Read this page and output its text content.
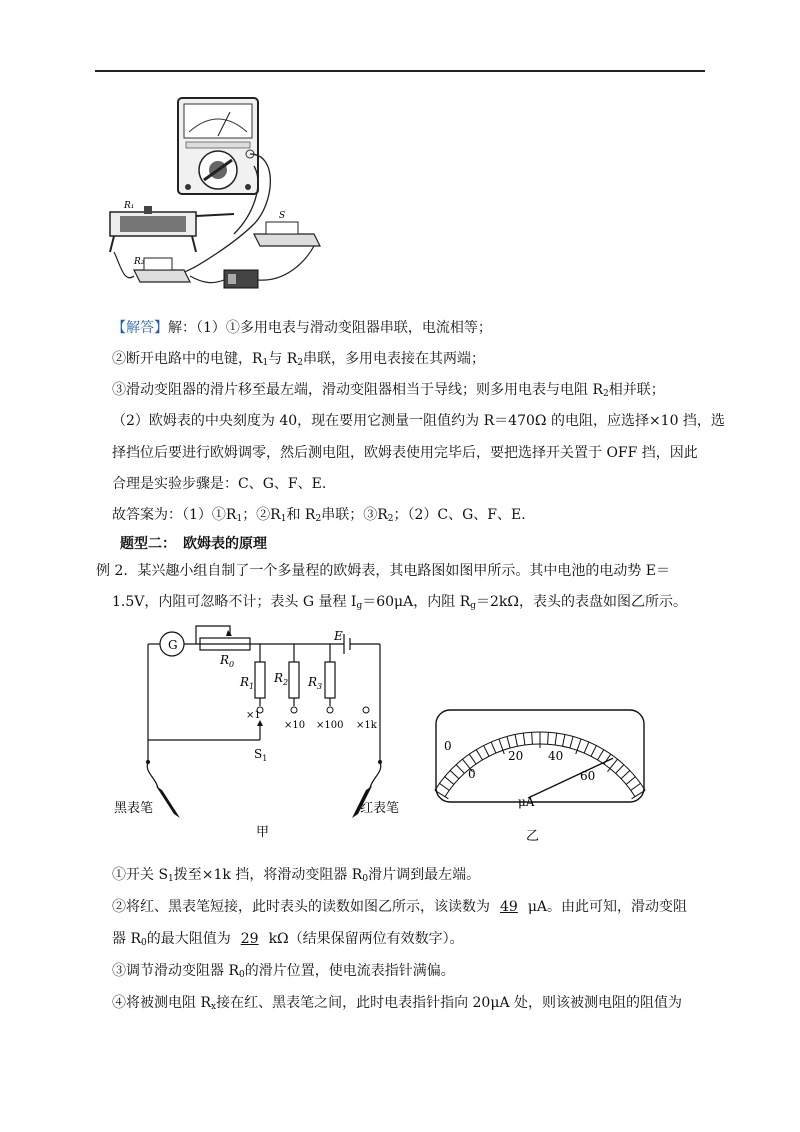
R₁
S
R₂
【解答】解：（1）①多用电表与滑动变阻器串联，电流相等；
②断开电路中的电键，$R_1$与 $R_2$串联，多用电表接在其两端；
③滑动变阻器的滑片移至最左端，滑动变阻器相当于导线；则多用电表与电阻 $R_2$相并联；
（2）欧姆表的中央刻度为 40，现在要用它测量一阻值约为 R＝470Ω 的电阻，应选择×10 挡，选
择挡位后要进行欧姆调零，然后测电阻，欧姆表使用完毕后，要把选择开关置于 OFF 挡，因此
合理是实验步骤是：C、G、F、E.
故答案为：$(1)①R_1$；$②R_1$和 $R_2$串联；$③R_2$；（2）C、G、F、E.
题型二：　欧姆表的原理
例 2．某兴趣小组自制了一个多量程的欧姆表，其电路图如图甲所示。其中电池的电动势 E＝
1.5V，内阻可忽略不计；表头 G 量程 $I_g=60\mu A$，内阻 $R_g=2k\Omega$，表头的表盘如图乙所示。
G
$R_0$
$R_1$
$R_2$ $R_3$
E
×1
×10 ×100 ×1k
$S_1$
黑表笔	红表笔
甲
0
0
20 40
60
μA
乙
①开关 $S_1$拨至×1k 挡，将滑动变阻器 $R_0$滑片调到最左端。
②将红、黑表笔短接，此时表头的读数如图乙所示，该读数为 49 μA。由此可知，滑动变阻
器 $R_0$的最大阻值为 29 kΩ（结果保留两位有效数字）。
③调节滑动变阻器 $R_0$的滑片位置，使电流表指针满偏。
④将被测电阻 $R_x$接在红、黑表笔之间，此时电表指针指向 20μA 处，则该被测电阻的阻值为
